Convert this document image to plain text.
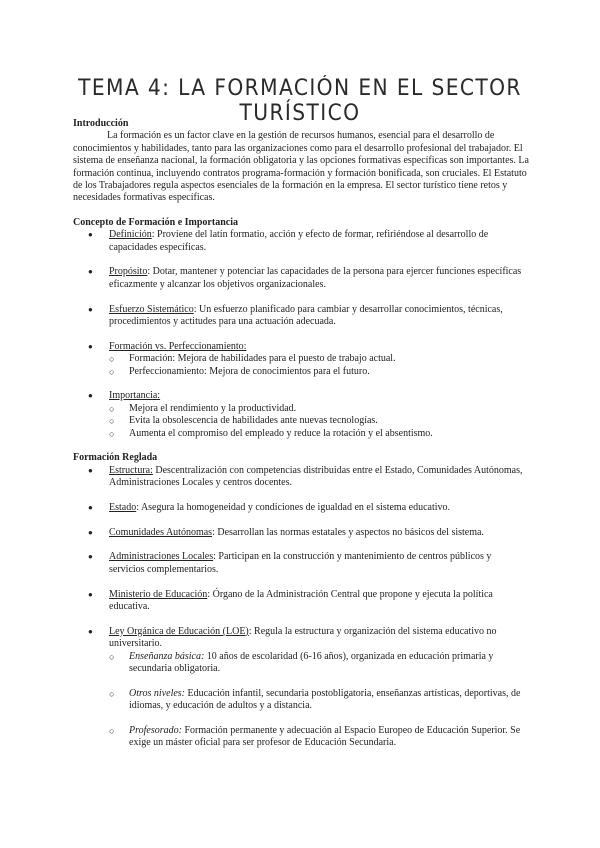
TEMA 4: LA FORMACIÓN EN EL SECTOR TURÍSTICO
Introducción

La formación es un factor clave en la gestión de recursos humanos, esencial para el desarrollo de conocimientos y habilidades, tanto para las organizaciones como para el desarrollo profesional del trabajador. El sistema de enseñanza nacional, la formación obligatoria y las opciones formativas específicas son importantes. La formación continua, incluyendo contratos programa-formación y formación bonificada, son cruciales. El Estatuto de los Trabajadores regula aspectos esenciales de la formación en la empresa. El sector turístico tiene retos y necesidades formativas específicas.

Concepto de Formación e Importancia
● Definición: Proviene del latín formatio, acción y efecto de formar, refiriéndose al desarrollo de capacidades específicas.
● Propósito: Dotar, mantener y potenciar las capacidades de la persona para ejercer funciones específicas eficazmente y alcanzar los objetivos organizacionales.
● Esfuerzo Sistemático: Un esfuerzo planificado para cambiar y desarrollar conocimientos, técnicas, procedimientos y actitudes para una actuación adecuada.
● Formación vs. Perfeccionamiento:
○ Formación: Mejora de habilidades para el puesto de trabajo actual.
○ Perfeccionamiento: Mejora de conocimientos para el futuro.
● Importancia:
○ Mejora el rendimiento y la productividad.
○ Evita la obsolescencia de habilidades ante nuevas tecnologías.
○ Aumenta el compromiso del empleado y reduce la rotación y el absentismo.
Formación Reglada
● Estructura: Descentralización con competencias distribuidas entre el Estado, Comunidades Autónomas, Administraciones Locales y centros docentes.
● Estado: Asegura la homogeneidad y condiciones de igualdad en el sistema educativo.
● Comunidades Autónomas: Desarrollan las normas estatales y aspectos no básicos del sistema.
● Administraciones Locales: Participan en la construcción y mantenimiento de centros públicos y servicios complementarios.
● Ministerio de Educación: Órgano de la Administración Central que propone y ejecuta la política educativa.
● Ley Orgánica de Educación (LOE): Regula la estructura y organización del sistema educativo no universitario.
○ Enseñanza básica: 10 años de escolaridad (6-16 años), organizada en educación primaria y secundaria obligatoria.
○ Otros niveles: Educación infantil, secundaria postobligatoria, enseñanzas artísticas, deportivas, de idiomas, y educación de adultos y a distancia.
○ Profesorado: Formación permanente y adecuación al Espacio Europeo de Educación Superior. Se exige un máster oficial para ser profesor de Educación Secundaria.
